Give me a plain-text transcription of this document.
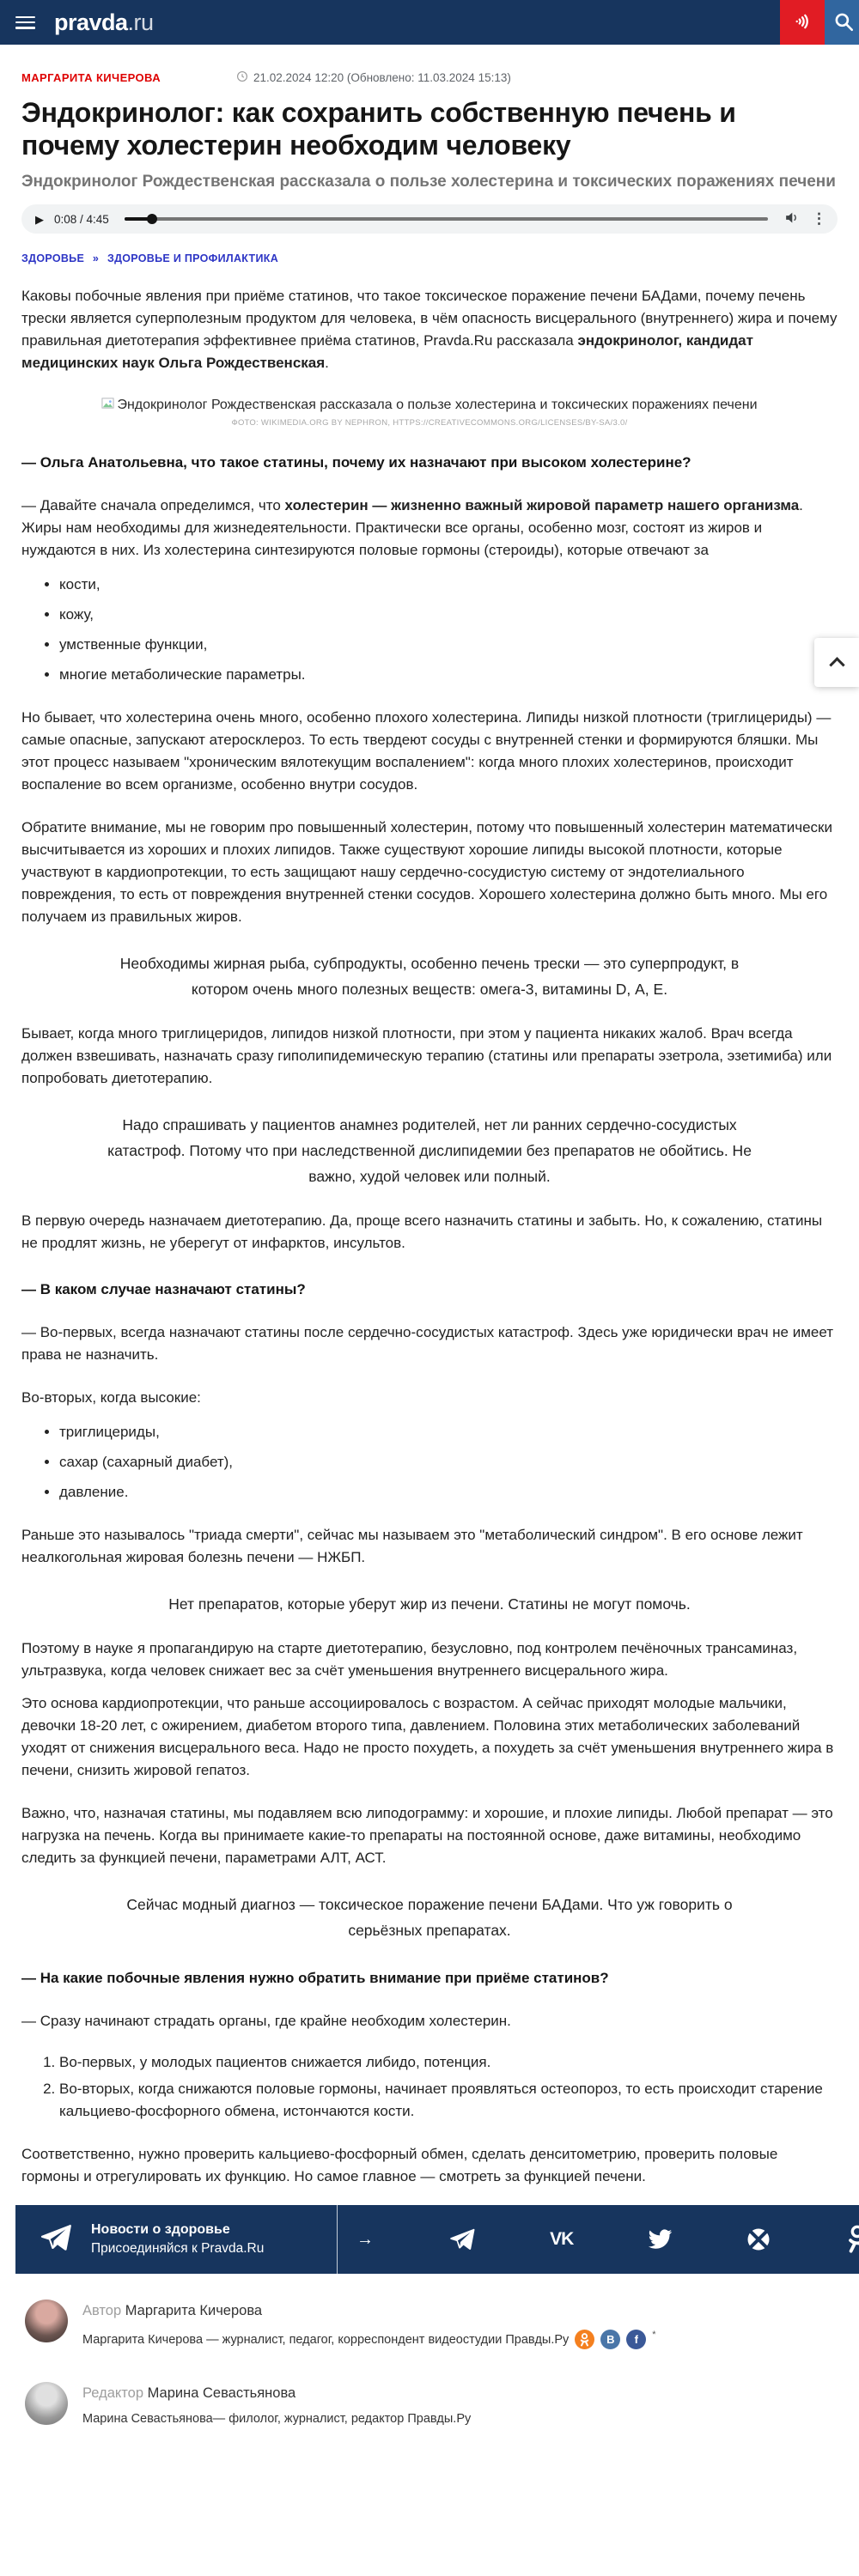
pravda.ru
МАРГАРИТА КИЧЕРОВА	21.02.2024 12:20 (Обновлено: 11.03.2024 15:13)
Эндокринолог: как сохранить собственную печень и почему холестерин необходим человеку

Эндокринолог Рождественская рассказала о пользе холестерина и токсических поражениях печени

▶ 0:08 / 4:45	⋮
ЗДОРОВЬЕ » ЗДОРОВЬЕ И ПРОФИЛАКТИКА

Каковы побочные явления при приёме статинов, что такое токсическое поражение печени БАДами, почему печень трески является суперполезным продуктом для человека, в чём опасность висцерального (внутреннего) жира и почему правильная диетотерапия эффективнее приёма статинов, Pravda.Ru рассказала эндокринолог, кандидат медицинских наук Ольга Рождественская.

Эндокринолог Рождественская рассказала о пользе холестерина и токсических поражениях печени
ФОТО: WIKIMEDIA.ORG BY NEPHRON, HTTPS://CREATIVECOMMONS.ORG/LICENSES/BY-SA/3.0/
— Ольга Анатольевна, что такое статины, почему их назначают при высоком холестерине?

— Давайте сначала определимся, что холестерин — жизненно важный жировой параметр нашего организма. Жиры нам необходимы для жизнедеятельности. Практически все органы, особенно мозг, состоят из жиров и нуждаются в них. Из холестерина синтезируются половые гормоны (стероиды), которые отвечают за

• кости,
• кожу,
• умственные функции,
• многие метаболические параметры.

Но бывает, что холестерина очень много, особенно плохого холестерина. Липиды низкой плотности (триглицериды) — самые опасные, запускают атеросклероз. То есть твердеют сосуды с внутренней стенки и формируются бляшки. Мы этот процесс называем "хроническим вялотекущим воспалением": когда много плохих холестеринов, происходит воспаление во всем организме, особенно внутри сосудов.

Обратите внимание, мы не говорим про повышенный холестерин, потому что повышенный холестерин математически высчитывается из хороших и плохих липидов. Также существуют хорошие липиды высокой плотности, которые участвуют в кардиопротекции, то есть защищают нашу сердечно-сосудистую систему от эндотелиального повреждения, то есть от повреждения внутренней стенки сосудов. Хорошего холестерина должно быть много. Мы его получаем из правильных жиров.

Необходимы жирная рыба, субпродукты, особенно печень трески — это суперпродукт, в котором очень много полезных веществ: омега-3, витамины D, А, Е.

Бывает, когда много триглицеридов, липидов низкой плотности, при этом у пациента никаких жалоб. Врач всегда должен взвешивать, назначать сразу гиполипидемическую терапию (статины или препараты эзетрола, эзетимиба) или попробовать диетотерапию.

Надо спрашивать у пациентов анамнез родителей, нет ли ранних сердечно-сосудистых катастроф. Потому что при наследственной дислипидемии без препаратов не обойтись. Не важно, худой человек или полный.

В первую очередь назначаем диетотерапию. Да, проще всего назначить статины и забыть. Но, к сожалению, статины не продлят жизнь, не уберегут от инфарктов, инсультов.

— В каком случае назначают статины?

— Во-первых, всегда назначают статины после сердечно-сосудистых катастроф. Здесь уже юридически врач не имеет права не назначить.

Во-вторых, когда высокие:

• триглицериды,
• сахар (сахарный диабет),
• давление.

Раньше это называлось "триада смерти", сейчас мы называем это "метаболический синдром". В его основе лежит неалкогольная жировая болезнь печени — НЖБП.

Нет препаратов, которые уберут жир из печени. Статины не могут помочь.

Поэтому в науке я пропагандирую на старте диетотерапию, безусловно, под контролем печёночных трансаминаз, ультразвука, когда человек снижает вес за счёт уменьшения внутреннего висцерального жира.

Это основа кардиопротекции, что раньше ассоциировалось с возрастом. А сейчас приходят молодые мальчики, девочки 18-20 лет, с ожирением, диабетом второго типа, давлением. Половина этих метаболических заболеваний уходят от снижения висцерального веса. Надо не просто похудеть, а похудеть за счёт уменьшения внутреннего жира в печени, снизить жировой гепатоз.

Важно, что, назначая статины, мы подавляем всю липодограмму: и хорошие, и плохие липиды. Любой препарат — это нагрузка на печень. Когда вы принимаете какие-то препараты на постоянной основе, даже витамины, необходимо следить за функцией печени, параметрами АЛТ, АСТ.

Сейчас модный диагноз — токсическое поражение печени БАДами. Что уж говорить о серьёзных препаратах.
— На какие побочные явления нужно обратить внимание при приёме статинов?

— Сразу начинают страдать органы, где крайне необходим холестерин.

1. Во-первых, у молодых пациентов снижается либидо, потенция.
2. Во-вторых, когда снижаются половые гормоны, начинает проявляться остеопороз, то есть происходит старение кальциево-фосфорного обмена, истончаются кости.

Соответственно, нужно проверить кальциево-фосфорный обмен, сделать денситометрию, проверить половые гормоны и отрегулировать их функцию. Но самое главное — смотреть за функцией печени.

Новости о здоровье
Присоединяйся к Pravda.Ru	→	VK
Автор Маргарита Кичерова
Маргарита Кичерова — журналист, педагог, корреспондент видеостудии Правды.Ру	В	f	*
Редактор Марина Севастьянова
Марина Севастьянова— филолог, журналист, редактор Правды.Ру
